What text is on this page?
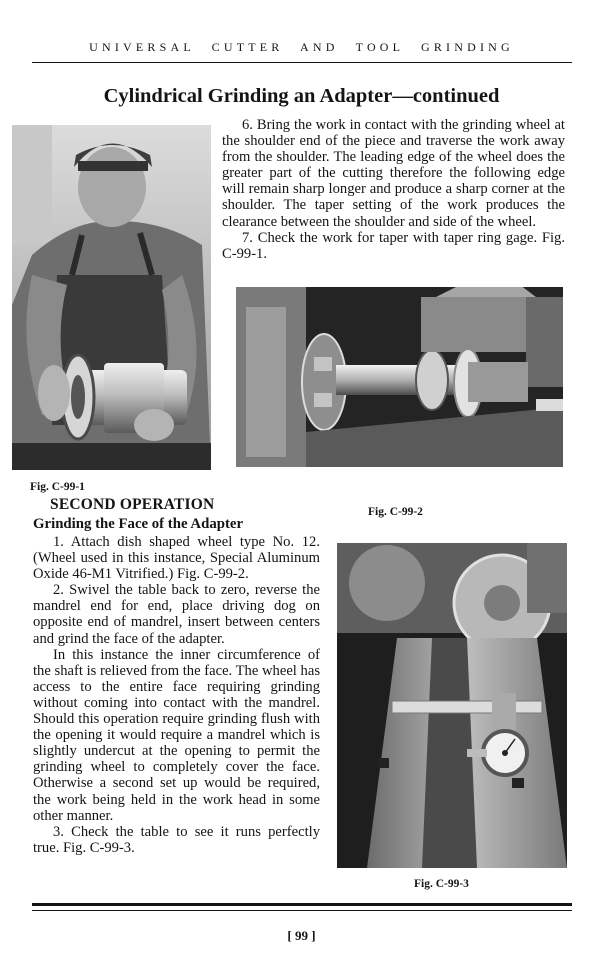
UNIVERSAL CUTTER AND TOOL GRINDING
Cylindrical Grinding an Adapter—continued
Fig. C-99-1

6. Bring the work in contact with the grinding wheel at the shoulder end of the piece and traverse the work away from the shoulder. The leading edge of the wheel does the greater part of the cutting therefore the following edge will remain sharp longer and produce a sharp corner at the shoulder. The taper setting of the work produces the clearance between the shoulder and side of the wheel.

7. Check the work for taper with taper ring gage. Fig. C-99-1.

Fig. C-99-2
SECOND OPERATION
Grinding the Face of the Adapter

1. Attach dish shaped wheel type No. 12. (Wheel used in this instance, Special Aluminum Oxide 46-M1 Vitrified.) Fig. C-99-2.

2. Swivel the table back to zero, reverse the mandrel end for end, place driving dog on opposite end of mandrel, insert between centers and grind the face of the adapter.

In this instance the inner circumference of the shaft is relieved from the face. The wheel has access to the entire face requiring grinding without coming into contact with the mandrel. Should this operation require grinding flush with the opening it would require a mandrel which is slightly undercut at the opening to permit the grinding wheel to completely cover the face. Otherwise a second set up would be required, the work being held in the work head in some other manner.

3. Check the table to see it runs perfectly true. Fig. C-99-3.

Fig. C-99-3
[ 99 ]
